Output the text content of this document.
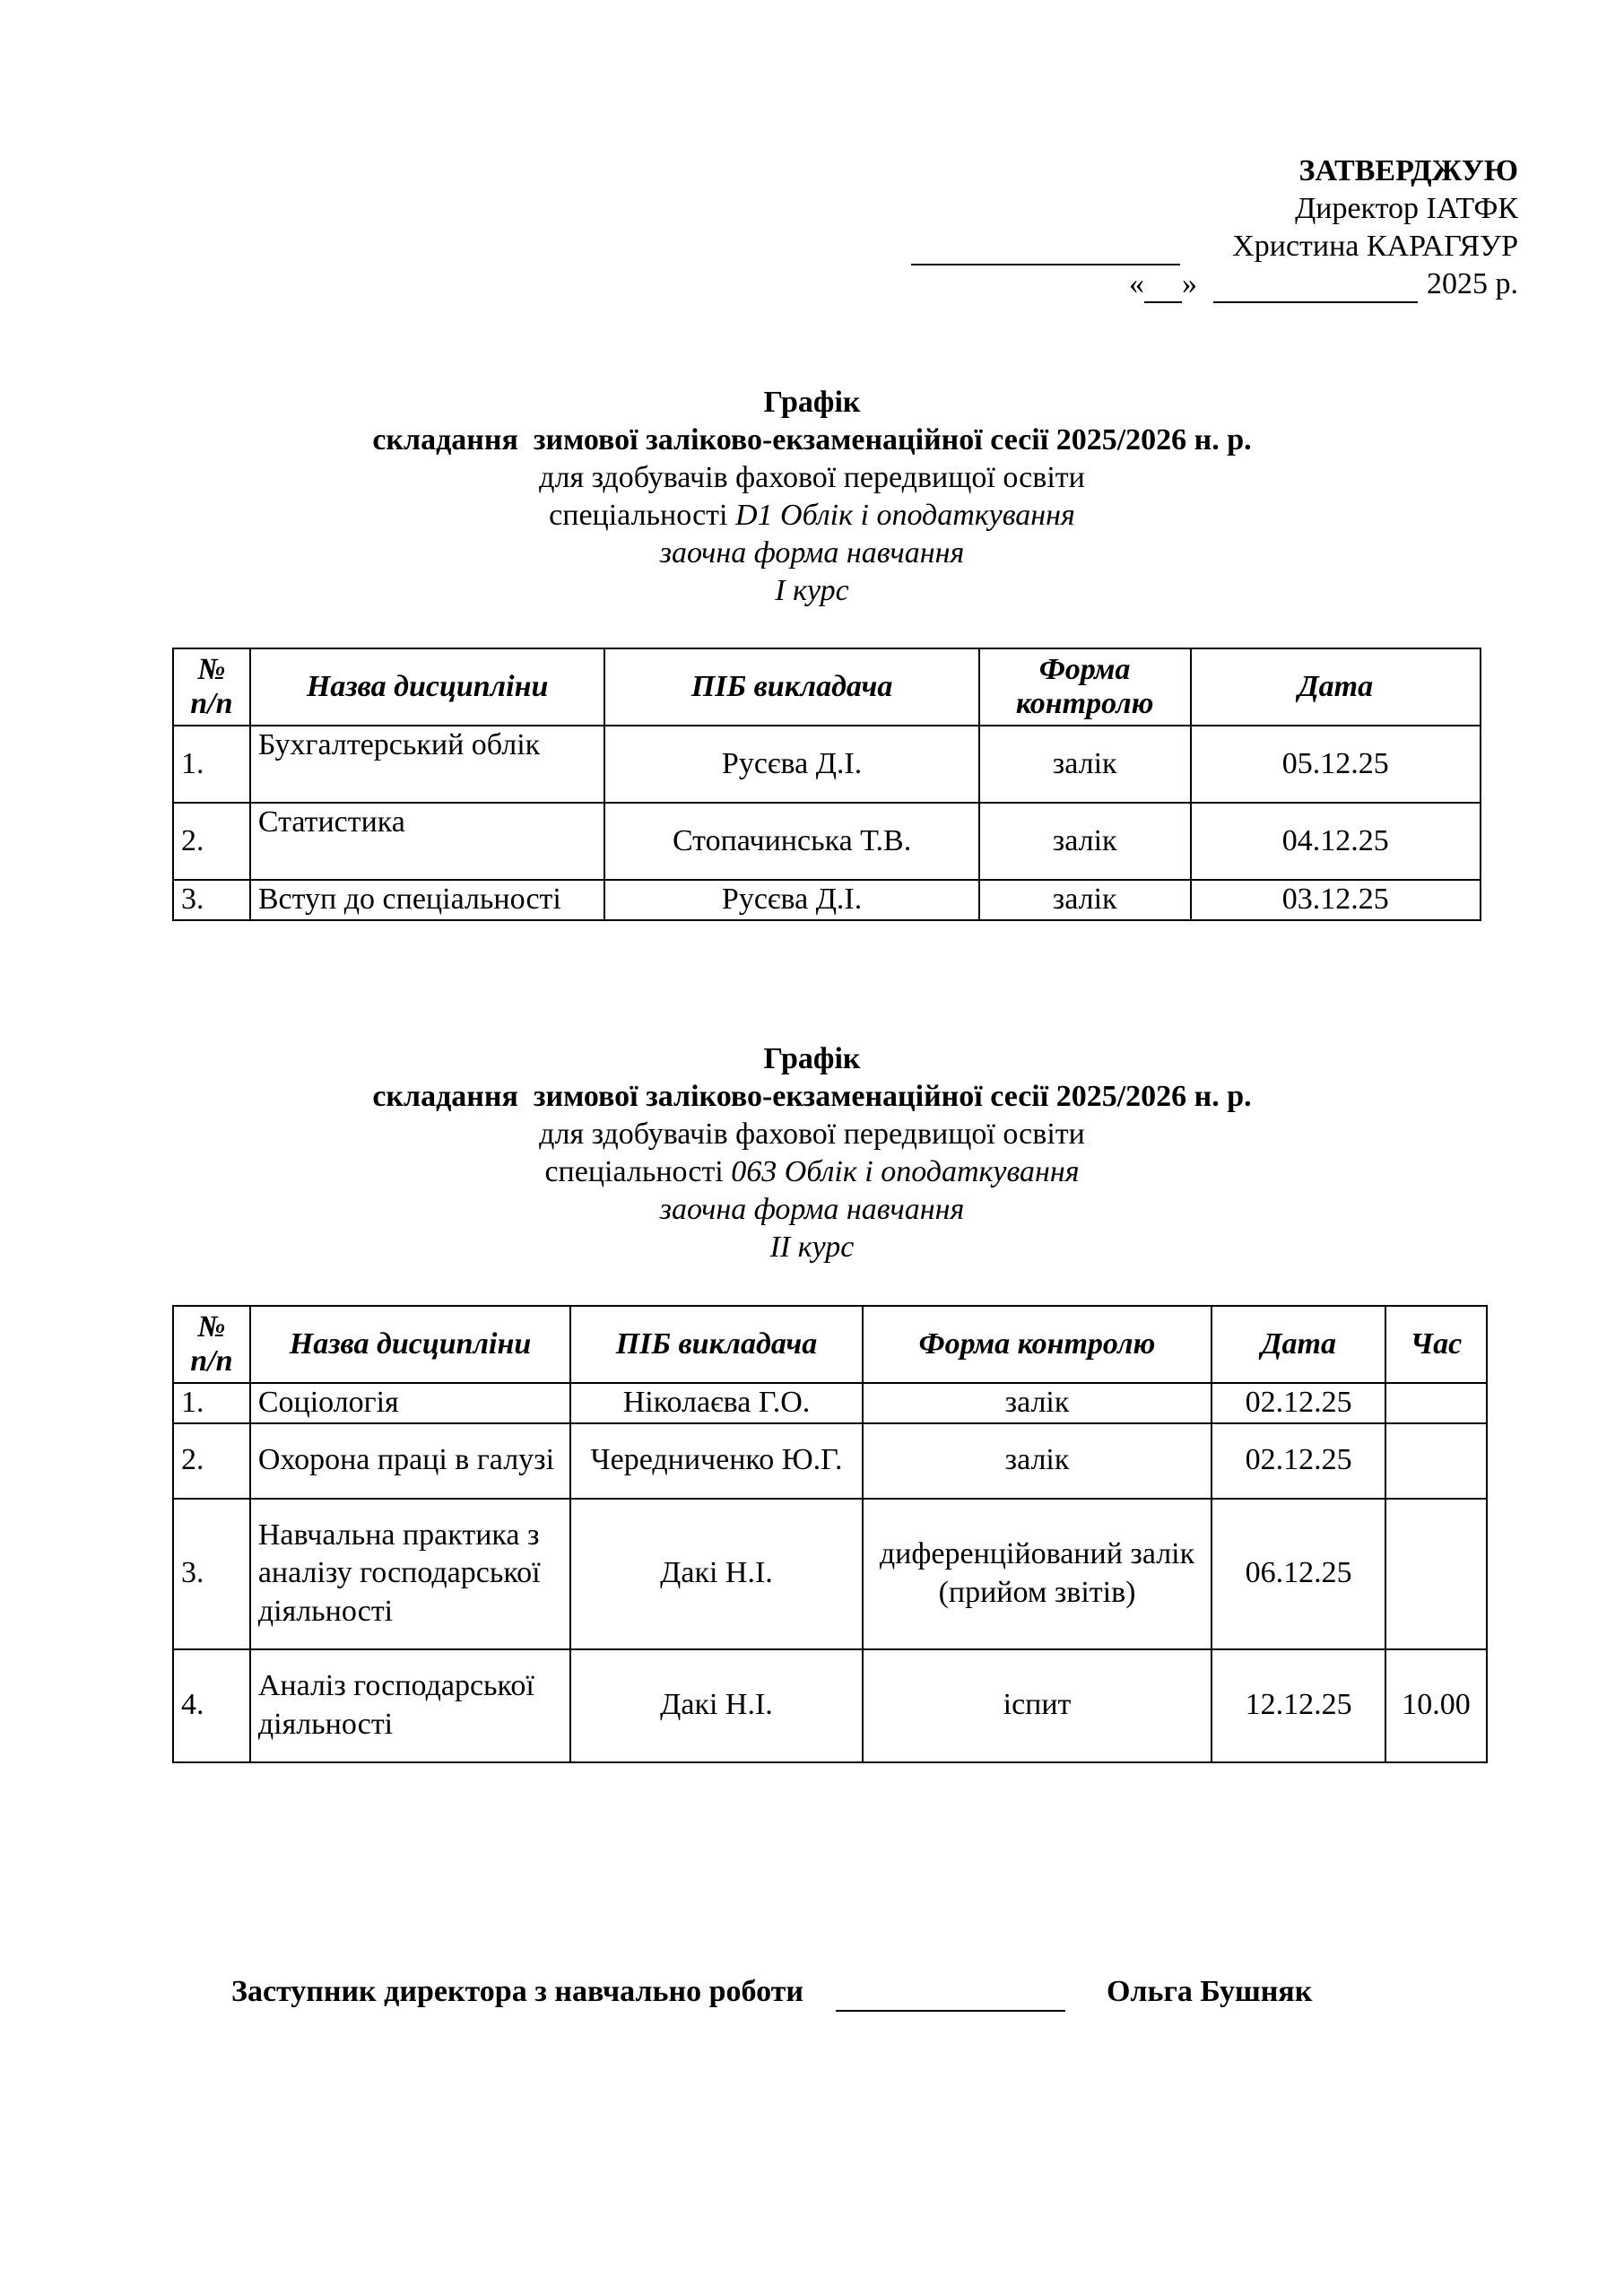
ЗАТВЕРДЖУЮ
Директор ІАТФК
Христина КАРАГЯУР
« »	2025 р.
Графік
складання  зимової заліково-екзаменаційної сесії 2025/2026 н. р.
для здобувачів фахової передвищої освіти
спеціальності D1 Облік і оподаткування
заочна форма навчання
І курс
№ п/п	Назва дисципліни	ПІБ викладача	Форма контролю	Дата
1.	Бухгалтерський облік	Русєва Д.І.	залік	05.12.25
2.	Статистика	Стопачинська Т.В.	залік	04.12.25
3.	Вступ до спеціальності	Русєва Д.І.	залік	03.12.25
Графік
складання  зимової заліково-екзаменаційної сесії 2025/2026 н. р.
для здобувачів фахової передвищої освіти
спеціальності 063 Облік і оподаткування
заочна форма навчання
ІІ курс
№ п/п	Назва дисципліни	ПІБ викладача	Форма контролю	Дата	Час
1.	Соціологія	Ніколаєва Г.О.	залік	02.12.25	
2.	Охорона праці в галузі	Чередниченко Ю.Г.	залік	02.12.25	
3.	Навчальна практика з аналізу господарської діяльності	Дакі Н.І.	диференційований залік (прийом звітів)	06.12.25	
4.	Аналіз господарської діяльності	Дакі Н.І.	іспит	12.12.25	10.00
Заступник директора з навчально роботи	Ольга Бушняк
